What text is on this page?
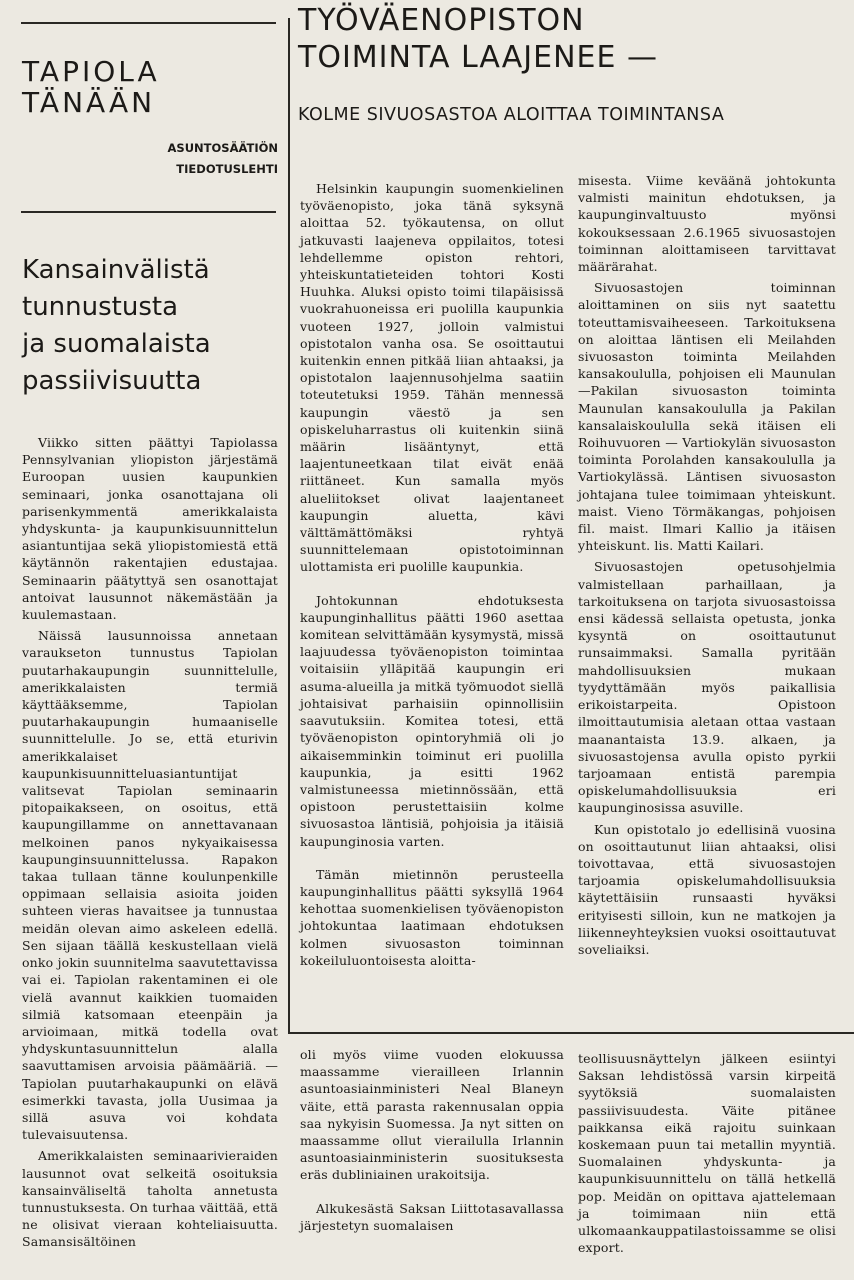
TAPIOLA
TÄNÄÄN
ASUNTOSÄÄTIÖN
TIEDOTUSLEHTI
TYÖVÄENOPISTON
TOIMINTA LAAJENEE —
KOLME SIVUOSASTOA ALOITTAA TOIMINTANSA

Helsinkin kaupungin suomenkielinen työväenopisto, joka tänä syksynä aloittaa 52. työkautensa, on ollut jatkuvasti laajeneva oppilaitos, totesi lehdellemme opiston rehtori, yhteiskuntatieteiden tohtori Kosti Huuhka. Aluksi opisto toimi tilapäisissä vuokrahuoneissa eri puolilla kaupunkia vuoteen 1927, jolloin valmistui opistotalon vanha osa. Se osoittautui kuitenkin ennen pitkää liian ahtaaksi, ja opistotalon laajennusohjelma saatiin toteutetuksi 1959. Tähän mennessä kaupungin väestö ja sen opiskeluharrastus oli kuitenkin siinä määrin lisääntynyt, että laajentuneetkaan tilat eivät enää riittäneet. Kun samalla myös alueliitokset olivat laajentaneet kaupungin aluetta, kävi välttämättömäksi ryhtyä suunnittelemaan opistotoiminnan ulottamista eri puolille kaupunkia.

Johtokunnan ehdotuksesta kaupunginhallitus päätti 1960 asettaa komitean selvittämään kysymystä, missä laajuudessa työväenopiston toimintaa voitaisiin ylläpitää kaupungin eri asuma-alueilla ja mitkä työmuodot siellä johtaisivat parhaisiin opinnollisiin saavutuksiin. Komitea totesi, että työväenopiston opintoryhmiä oli jo aikaisemminkin toiminut eri puolilla kaupunkia, ja esitti 1962 valmistuneessa mietinnössään, että opistoon perustettaisiin kolme sivuosastoa läntisiä, pohjoisia ja itäisiä kaupunginosia varten.

Tämän mietinnön perusteella kaupunginhallitus päätti syksyllä 1964 kehottaa suomenkielisen työväenopiston johtokuntaa laatimaan ehdotuksen kolmen sivuosaston toiminnan kokeiluluontoisesta aloitta-

misesta. Viime keväänä johtokunta valmisti mainitun ehdotuksen, ja kaupunginvaltuusto myönsi kokouksessaan 2.6.1965 sivuosastojen toiminnan aloittamiseen tarvittavat määrärahat.

Sivuosastojen toiminnan aloittaminen on siis nyt saatettu toteuttamisvaiheeseen. Tarkoituksena on aloittaa läntisen eli Meilahden sivuosaston toiminta Meilahden kansakoululla, pohjoisen eli Maunulan—Pakilan sivuosaston toiminta Maunulan kansakoululla ja Pakilan kansalaiskoululla sekä itäisen eli Roihuvuoren — Vartiokylän sivuosaston toiminta Porolahden kansakoululla ja Vartiokylässä. Läntisen sivuosaston johtajana tulee toimimaan yhteiskunt. maist. Vieno Törmäkangas, pohjoisen fil. maist. Ilmari Kallio ja itäisen yhteiskunt. lis. Matti Kailari.

Sivuosastojen opetusohjelmia valmistellaan parhaillaan, ja tarkoituksena on tarjota sivuosastoissa ensi kädessä sellaista opetusta, jonka kysyntä on osoittautunut runsaimmaksi. Samalla pyritään mahdollisuuksien mukaan tyydyttämään myös paikallisia erikoistarpeita. Opistoon ilmoittautumisia aletaan ottaa vastaan maanantaista 13.9. alkaen, ja sivuosastojensa avulla opisto pyrkii tarjoamaan entistä parempia opiskelumahdollisuuksia eri kaupunginosissa asuville.

Kun opistotalo jo edellisinä vuosina on osoittautunut liian ahtaaksi, olisi toivottavaa, että sivuosastojen tarjoamia opiskelumahdollisuuksia käytettäisiin runsaasti hyväksi erityisesti silloin, kun ne matkojen ja liikenneyhteyksien vuoksi osoittautuvat soveliaiksi.

Kansainvälistä
tunnustusta
ja suomalaista
passiivisuutta

Viikko sitten päättyi Tapiolassa Pennsylvanian yliopiston järjestämä Euroopan uusien kaupunkien seminaari, jonka osanottajana oli parisenkymmentä amerikkalaista yhdyskunta- ja kaupunkisuunnittelun asiantuntijaa sekä yliopistomiestä että käytännön rakentajien edustajaa. Seminaarin päätyttyä sen osanottajat antoivat lausunnot näkemästään ja kuulemastaan.

Näissä lausunnoissa annetaan varaukseton tunnustus Tapiolan puutarhakaupungin suunnittelulle, amerikkalaisten termiä käyttääksemme, Tapiolan puutarhakaupungin humaaniselle suunnittelulle. Jo se, että eturivin amerikkalaiset kaupunkisuunnitteluasiantuntijat valitsevat Tapiolan seminaarin pitopaikakseen, on osoitus, että kaupungillamme on annettavanaan melkoinen panos nykyaikaisessa kaupunginsuunnittelussa. Rapakon takaa tullaan tänne koulunpenkille oppimaan sellaisia asioita joiden suhteen vieras havaitsee ja tunnustaa meidän olevan aimo askeleen edellä. Sen sijaan täällä keskustellaan vielä onko jokin suunnitelma saavutettavissa vai ei. Tapiolan rakentaminen ei ole vielä avannut kaikkien tuomaiden silmiä katsomaan eteenpäin ja arvioimaan, mitkä todella ovat yhdyskuntasuunnittelun alalla saavuttamisen arvoisia päämääriä. — Tapiolan puutarhakaupunki on elävä esimerkki tavasta, jolla Uusimaa ja sillä asuva voi kohdata tulevaisuutensa.

Amerikkalaisten seminaarivieraiden lausunnot ovat selkeitä osoituksia kansainväliseltä taholta annetusta tunnustuksesta. On turhaa väittää, että ne olisivat vieraan kohteliaisuutta. Samansisältöinen

oli myös viime vuoden elokuussa maassamme vierailleen Irlannin asuntoasiainministeri Neal Blaneyn väite, että parasta rakennusalan oppia saa nykyisin Suomessa. Ja nyt sitten on maassamme ollut vierailulla Irlannin asuntoasiainministerin suosituksesta eräs dubliniainen urakoitsija.

Alkukesästä Saksan Liittotasavallassa järjestetyn suomalaisen

teollisuusnäyttelyn jälkeen esiintyi Saksan lehdistössä varsin kirpeitä syytöksiä suomalaisten passiivisuudesta. Väite pitänee paikkansa eikä rajoitu suinkaan koskemaan puun tai metallin myyntiä. Suomalainen yhdyskunta- ja kaupunkisuunnittelu on tällä hetkellä pop. Meidän on opittava ajattelemaan ja toimimaan niin että ulkomaankauppatilastoissamme se olisi export.
